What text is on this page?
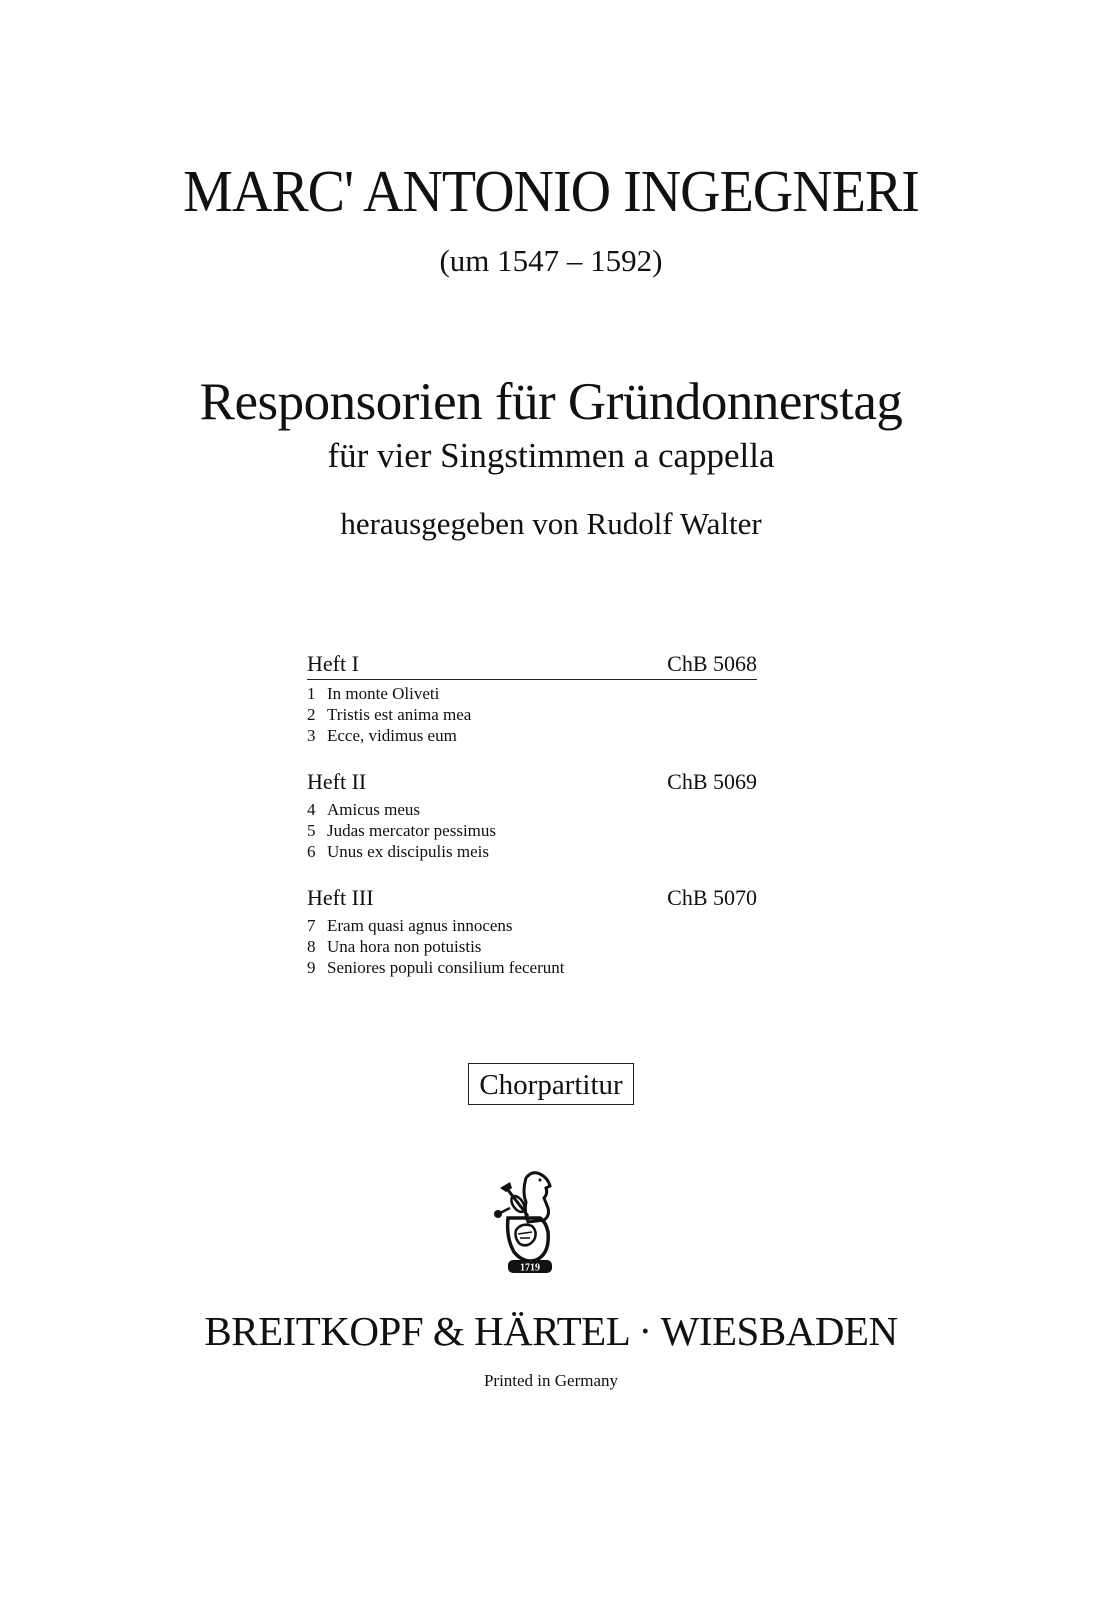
MARC' ANTONIO INGEGNERI
(um 1547 – 1592)
Responsorien für Gründonnerstag
für vier Singstimmen a cappella
herausgegeben von Rudolf Walter
Heft I	ChB 5068
1 In monte Oliveti
2 Tristis est anima mea
3 Ecce, vidimus eum
Heft II	ChB 5069
4 Amicus meus
5 Judas mercator pessimus
6 Unus ex discipulis meis
Heft III	ChB 5070
7 Eram quasi agnus innocens
8 Una hora non potuistis
9 Seniores populi consilium fecerunt
Chorpartitur
1719
BREITKOPF & HÄRTEL · WIESBADEN
Printed in Germany
